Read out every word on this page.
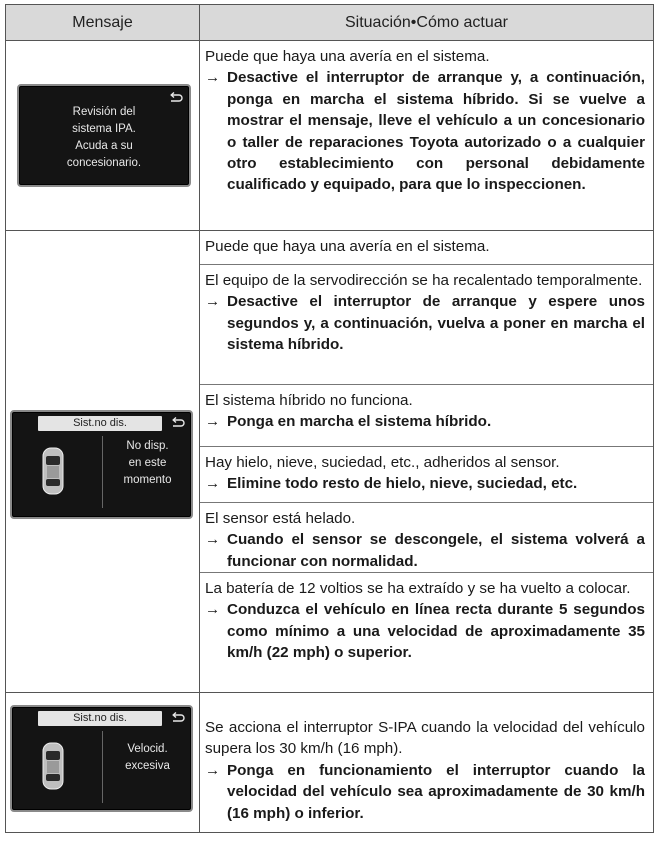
Mensaje	Situación•Cómo actuar
Revisión del
sistema IPA.
Acuda a su
concesionario.
Sist.no dis.
No disp.
en este
momento
Sist.no dis.
Velocid.
excesiva

Puede que haya una avería en el sistema.

→ Desactive el interruptor de arranque y, a continuación, ponga en marcha el sistema híbrido. Si se vuelve a mostrar el mensaje, lleve el vehículo a un concesionario o taller de reparaciones Toyota autorizado o a cualquier otro establecimiento con personal debidamente cualificado y equipado, para que lo inspeccionen.

Puede que haya una avería en el sistema.

El equipo de la servodirección se ha recalentado temporalmente.

→ Desactive el interruptor de arranque y espere unos segundos y, a continuación, vuelva a poner en marcha el sistema híbrido.

El sistema híbrido no funciona.

→ Ponga en marcha el sistema híbrido.

Hay hielo, nieve, suciedad, etc., adheridos al sensor.

→ Elimine todo resto de hielo, nieve, suciedad, etc.

El sensor está helado.

→ Cuando el sensor se descongele, el sistema volverá a funcionar con normalidad.

La batería de 12 voltios se ha extraído y se ha vuelto a colocar.

→ Conduzca el vehículo en línea recta durante 5 segundos como mínimo a una velocidad de aproximadamente 35 km/h (22 mph) o superior.

Se acciona el interruptor S-IPA cuando la velocidad del vehículo supera los 30 km/h (16 mph).

→ Ponga en funcionamiento el interruptor cuando la velocidad del vehículo sea aproximadamente de 30 km/h (16 mph) o inferior.
